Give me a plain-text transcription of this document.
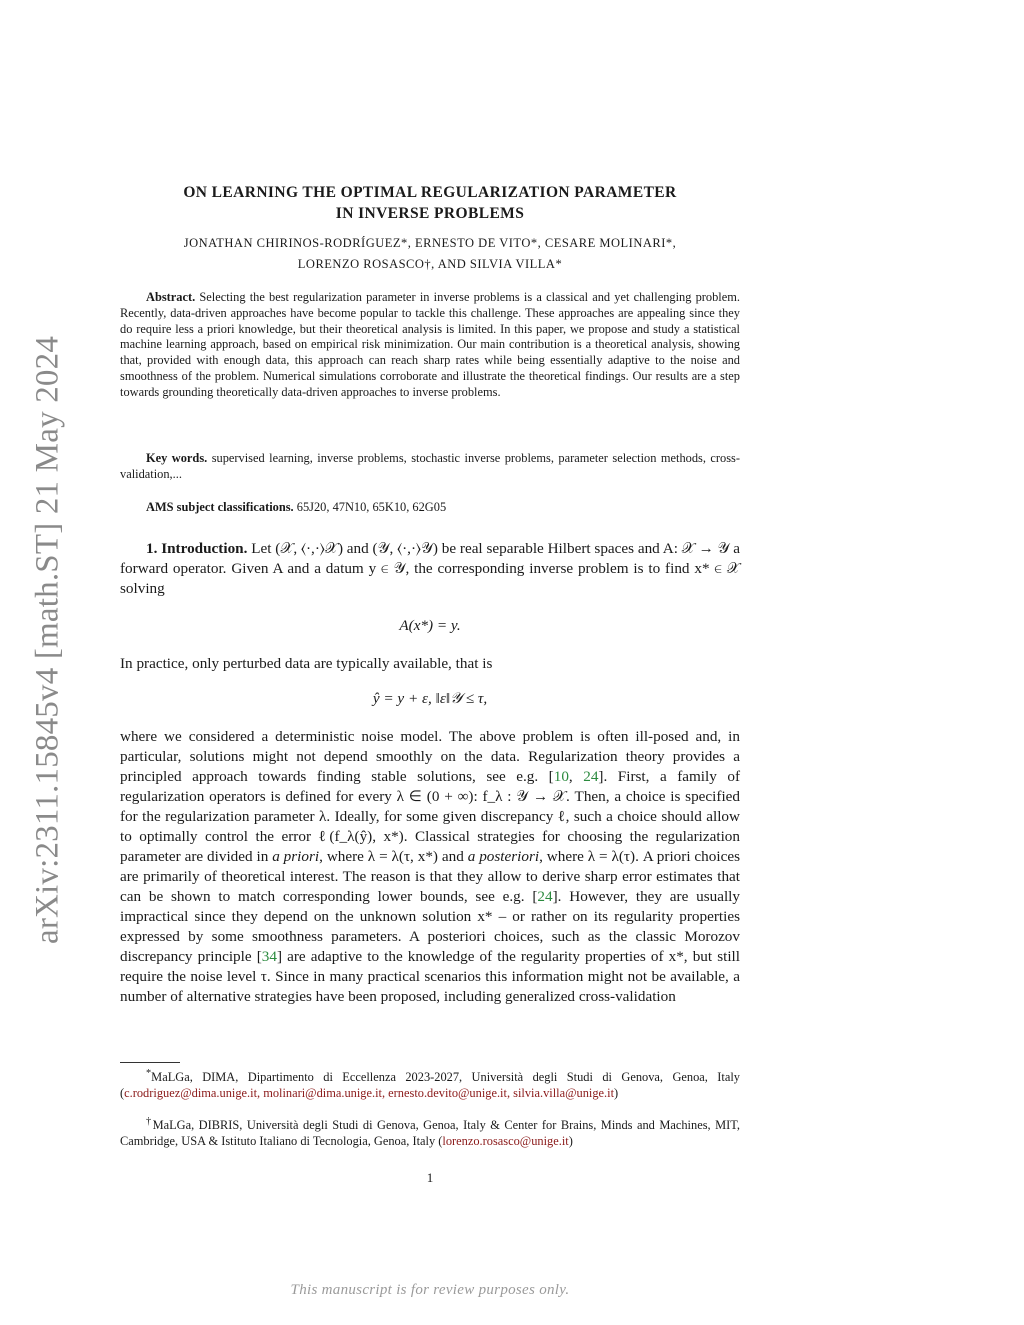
arXiv:2311.15845v4 [math.ST] 21 May 2024
ON LEARNING THE OPTIMAL REGULARIZATION PARAMETER
IN INVERSE PROBLEMS
JONATHAN CHIRINOS-RODRÍGUEZ*, ERNESTO DE VITO*, CESARE MOLINARI*,
LORENZO ROSASCO†, AND SILVIA VILLA*
Abstract. Selecting the best regularization parameter in inverse problems is a classical and yet challenging problem. Recently, data-driven approaches have become popular to tackle this challenge. These approaches are appealing since they do require less a priori knowledge, but their theoretical analysis is limited. In this paper, we propose and study a statistical machine learning approach, based on empirical risk minimization. Our main contribution is a theoretical analysis, showing that, provided with enough data, this approach can reach sharp rates while being essentially adaptive to the noise and smoothness of the problem. Numerical simulations corroborate and illustrate the theoretical findings. Our results are a step towards grounding theoretically data-driven approaches to inverse problems.
Key words. supervised learning, inverse problems, stochastic inverse problems, parameter selection methods, cross-validation,...
AMS subject classifications. 65J20, 47N10, 65K10, 62G05
1. Introduction. Let (𝒳, ⟨·,·⟩𝒳) and (𝒴, ⟨·,·⟩𝒴) be real separable Hilbert spaces and A: 𝒳 → 𝒴 a forward operator. Given A and a datum y ∈ 𝒴, the corresponding inverse problem is to find x* ∈ 𝒳 solving
A(x*) = y.
In practice, only perturbed data are typically available, that is
ŷ = y + ε, ‖ε‖𝒴 ≤ τ,
where we considered a deterministic noise model. The above problem is often ill-posed and, in particular, solutions might not depend smoothly on the data. Regularization theory provides a principled approach towards finding stable solutions, see e.g. [10, 24]. First, a family of regularization operators is defined for every λ ∈ (0 + ∞): f_λ : 𝒴 → 𝒳. Then, a choice is specified for the regularization parameter λ. Ideally, for some given discrepancy ℓ, such a choice should allow to optimally control the error ℓ(f_λ(ŷ), x*). Classical strategies for choosing the regularization parameter are divided in a priori, where λ = λ(τ, x*) and a posteriori, where λ = λ(τ). A priori choices are primarily of theoretical interest. The reason is that they allow to derive sharp error estimates that can be shown to match corresponding lower bounds, see e.g. [24]. However, they are usually impractical since they depend on the unknown solution x* – or rather on its regularity properties expressed by some smoothness parameters. A posteriori choices, such as the classic Morozov discrepancy principle [34] are adaptive to the knowledge of the regularity properties of x*, but still require the noise level τ. Since in many practical scenarios this information might not be available, a number of alternative strategies have been proposed, including generalized cross-validation
*MaLGa, DIMA, Dipartimento di Eccellenza 2023-2027, Università degli Studi di Genova, Genoa, Italy (c.rodriguez@dima.unige.it, molinari@dima.unige.it, ernesto.devito@unige.it, silvia.villa@unige.it)
†MaLGa, DIBRIS, Università degli Studi di Genova, Genoa, Italy & Center for Brains, Minds and Machines, MIT, Cambridge, USA & Istituto Italiano di Tecnologia, Genoa, Italy (lorenzo.rosasco@unige.it)
1
This manuscript is for review purposes only.
